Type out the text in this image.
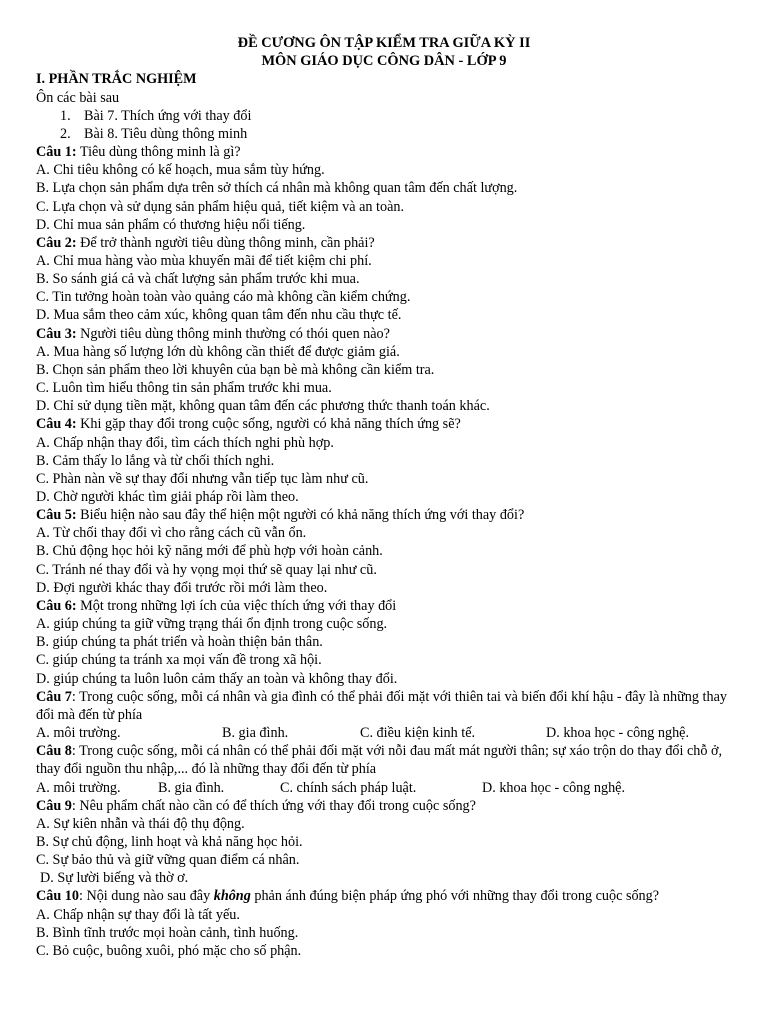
ĐỀ CƯƠNG ÔN TẬP KIỂM TRA GIỮA KỲ II
MÔN GIÁO DỤC CÔNG DÂN - LỚP 9
I. PHẦN TRẮC NGHIỆM
Ôn các bài sau
1. Bài 7. Thích ứng với thay đổi
2. Bài 8. Tiêu dùng thông minh
Câu 1: Tiêu dùng thông minh là gì?
A. Chi tiêu không có kế hoạch, mua sắm tùy hứng.
B. Lựa chọn sản phẩm dựa trên sở thích cá nhân mà không quan tâm đến chất lượng.
C. Lựa chọn và sử dụng sản phẩm hiệu quả, tiết kiệm và an toàn.
D. Chỉ mua sản phẩm có thương hiệu nổi tiếng.
Câu 2: Để trở thành người tiêu dùng thông minh, cần phải?
A. Chỉ mua hàng vào mùa khuyến mãi để tiết kiệm chi phí.
B. So sánh giá cả và chất lượng sản phẩm trước khi mua.
C. Tin tưởng hoàn toàn vào quảng cáo mà không cần kiểm chứng.
D. Mua sắm theo cảm xúc, không quan tâm đến nhu cầu thực tế.
Câu 3: Người tiêu dùng thông minh thường có thói quen nào?
A. Mua hàng số lượng lớn dù không cần thiết để được giảm giá.
B. Chọn sản phẩm theo lời khuyên của bạn bè mà không cần kiểm tra.
C. Luôn tìm hiểu thông tin sản phẩm trước khi mua.
D. Chỉ sử dụng tiền mặt, không quan tâm đến các phương thức thanh toán khác.
Câu 4: Khi gặp thay đổi trong cuộc sống, người có khả năng thích ứng sẽ?
A. Chấp nhận thay đổi, tìm cách thích nghi phù hợp.
B. Cảm thấy lo lắng và từ chối thích nghi.
C. Phàn nàn về sự thay đổi nhưng vẫn tiếp tục làm như cũ.
D. Chờ người khác tìm giải pháp rồi làm theo.
Câu 5: Biểu hiện nào sau đây thể hiện một người có khả năng thích ứng với thay đổi?
A. Từ chối thay đổi vì cho rằng cách cũ vẫn ổn.
B. Chủ động học hỏi kỹ năng mới để phù hợp với hoàn cảnh.
C. Tránh né thay đổi và hy vọng mọi thứ sẽ quay lại như cũ.
D. Đợi người khác thay đổi trước rồi mới làm theo.
Câu 6: Một trong những lợi ích của việc thích ứng với thay đổi
A. giúp chúng ta giữ vững trạng thái ổn định trong cuộc sống.
B. giúp chúng ta phát triển và hoàn thiện bản thân.
C. giúp chúng ta tránh xa mọi vấn đề trong xã hội.
D. giúp chúng ta luôn luôn cảm thấy an toàn và không thay đổi.
Câu 7: Trong cuộc sống, mỗi cá nhân và gia đình có thể phải đối mặt với thiên tai và biến đổi khí hậu - đây là những thay đổi mà đến từ phía
A. môi trường.	B. gia đình.	C. điều kiện kinh tế.	D. khoa học - công nghệ.
Câu 8: Trong cuộc sống, mỗi cá nhân có thể phải đối mặt với nỗi đau mất mát người thân; sự xáo trộn do thay đổi chỗ ở, thay đổi nguồn thu nhập,... đó là những thay đổi đến từ phía
A. môi trường.	B. gia đình.	C. chính sách pháp luật.	D. khoa học - công nghệ.
Câu 9: Nêu phẩm chất nào cần có để thích ứng với thay đổi trong cuộc sống?
A. Sự kiên nhẫn và thái độ thụ động.
B. Sự chủ động, linh hoạt và khả năng học hỏi.
C. Sự bảo thủ và giữ vững quan điểm cá nhân.
D. Sự lười biếng và thờ ơ.
Câu 10: Nội dung nào sau đây không phản ánh đúng biện pháp ứng phó với những thay đổi trong cuộc sống?
A. Chấp nhận sự thay đổi là tất yếu.
B. Bình tĩnh trước mọi hoàn cảnh, tình huống.
C. Bỏ cuộc, buông xuôi, phó mặc cho số phận.
